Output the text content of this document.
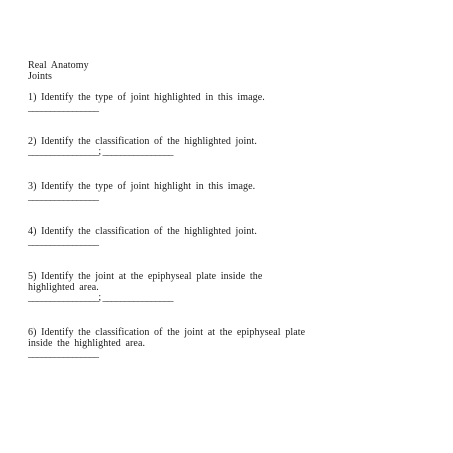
Real Anatomy
Joints
1) Identify the type of joint highlighted in this image.
________________
2) Identify the classification of the highlighted joint.
________________; ________________
3) Identify the type of joint highlight in this image.
________________
4) Identify the classification of the highlighted joint.
________________
5) Identify the joint at the epiphyseal plate inside the
highlighted area.
________________; ________________
6) Identify the classification of the joint at the epiphyseal plate
inside the highlighted area.
________________
